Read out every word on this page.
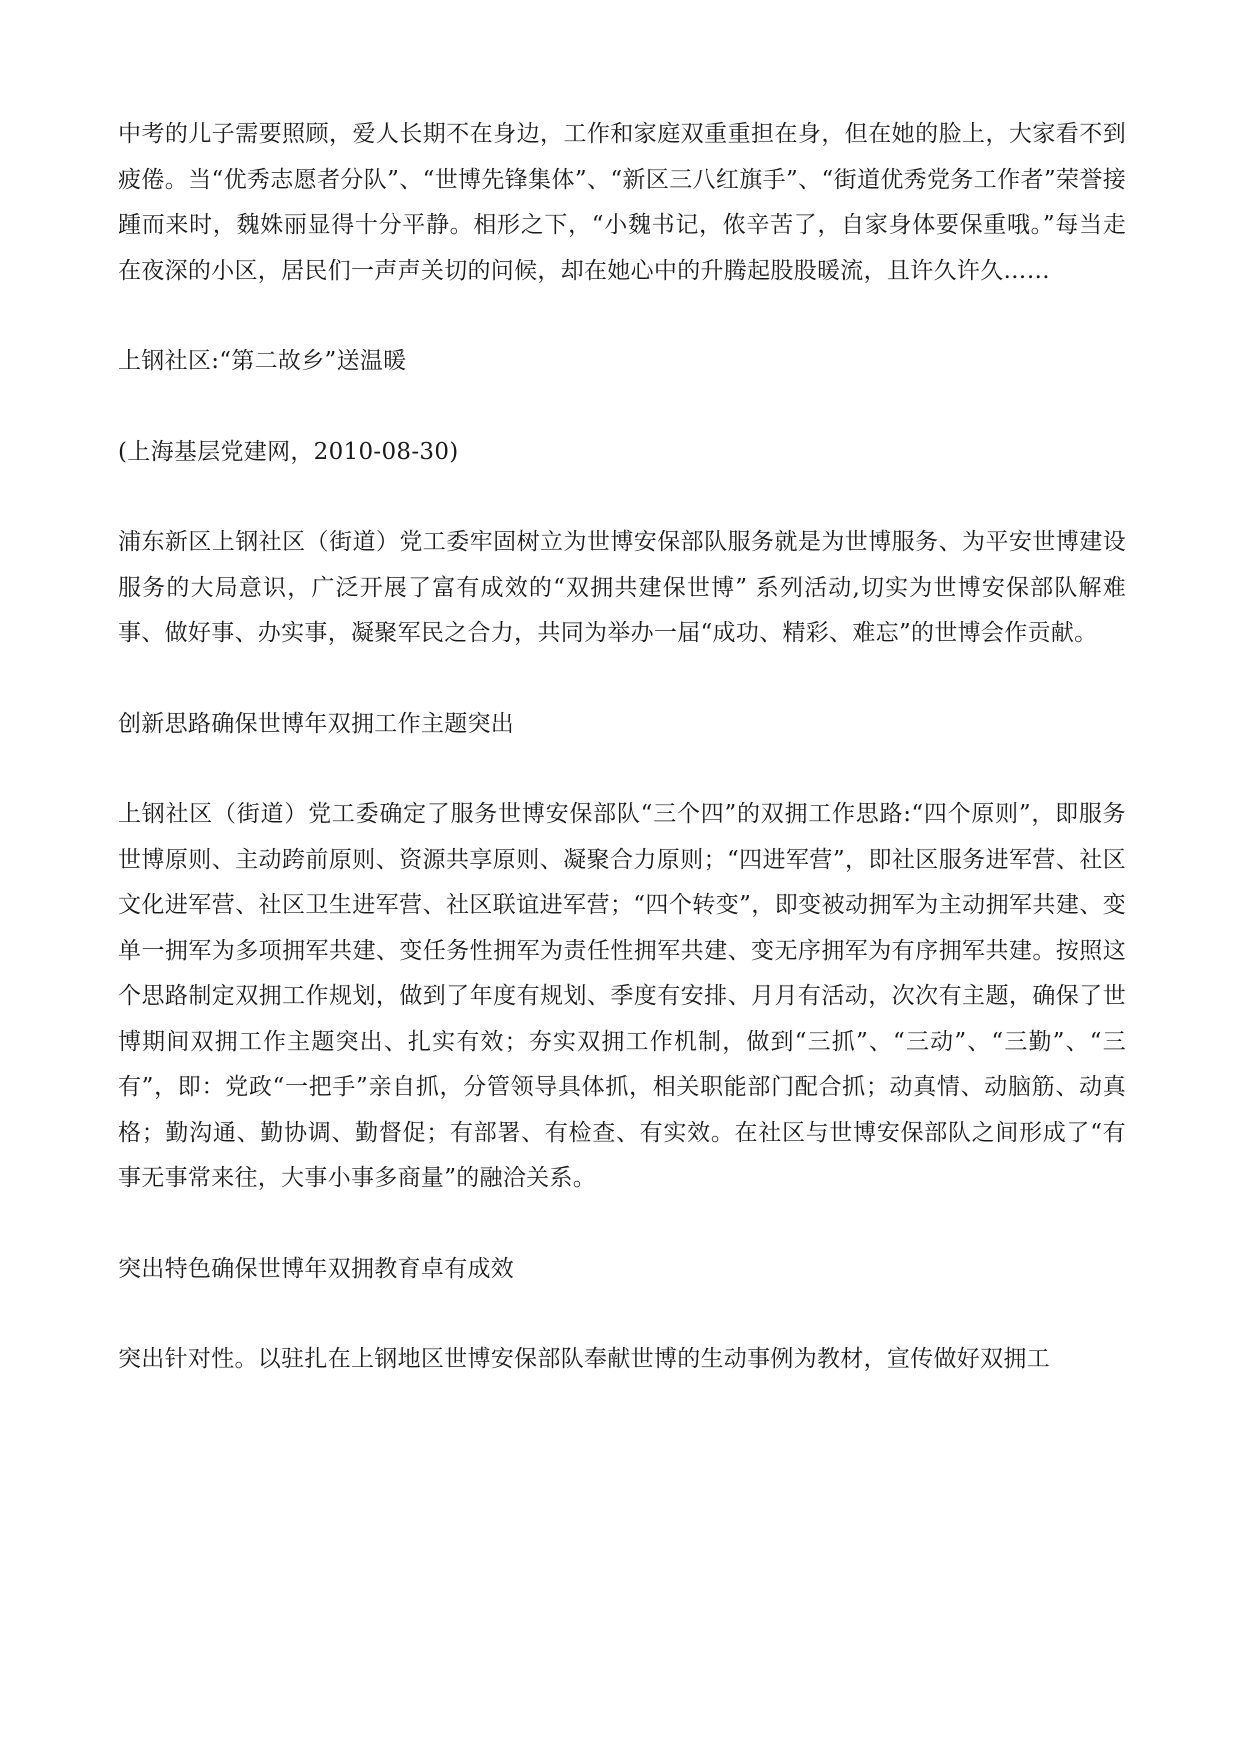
中考的儿子需要照顾，爱人长期不在身边，工作和家庭双重重担在身，但在她的脸上，大家看不到疲倦。当“优秀志愿者分队”、“世博先锋集体”、“新区三八红旗手”、“街道优秀党务工作者”荣誉接踵而来时，魏姝丽显得十分平静。相形之下，“小魏书记，侬辛苦了，自家身体要保重哦。”每当走在夜深的小区，居民们一声声关切的问候，却在她心中的升腾起股股暖流，且许久许久……

上钢社区:“第二故乡”送温暖

(上海基层党建网，2010-08-30)

浦东新区上钢社区（街道）党工委牢固树立为世博安保部队服务就是为世博服务、为平安世博建设服务的大局意识，广泛开展了富有成效的“双拥共建保世博” 系列活动,切实为世博安保部队解难事、做好事、办实事，凝聚军民之合力，共同为举办一届“成功、精彩、难忘”的世博会作贡献。

创新思路确保世博年双拥工作主题突出

上钢社区（街道）党工委确定了服务世博安保部队“三个四”的双拥工作思路:“四个原则”，即服务世博原则、主动跨前原则、资源共享原则、凝聚合力原则；“四进军营”，即社区服务进军营、社区文化进军营、社区卫生进军营、社区联谊进军营；“四个转变”，即变被动拥军为主动拥军共建、变单一拥军为多项拥军共建、变任务性拥军为责任性拥军共建、变无序拥军为有序拥军共建。按照这个思路制定双拥工作规划，做到了年度有规划、季度有安排、月月有活动，次次有主题，确保了世博期间双拥工作主题突出、扎实有效；夯实双拥工作机制，做到“三抓”、“三动”、“三勤”、“三有”，即：党政“一把手”亲自抓，分管领导具体抓，相关职能部门配合抓；动真情、动脑筋、动真格；勤沟通、勤协调、勤督促；有部署、有检查、有实效。在社区与世博安保部队之间形成了“有事无事常来往，大事小事多商量”的融洽关系。

突出特色确保世博年双拥教育卓有成效

突出针对性。以驻扎在上钢地区世博安保部队奉献世博的生动事例为教材，宣传做好双拥工
